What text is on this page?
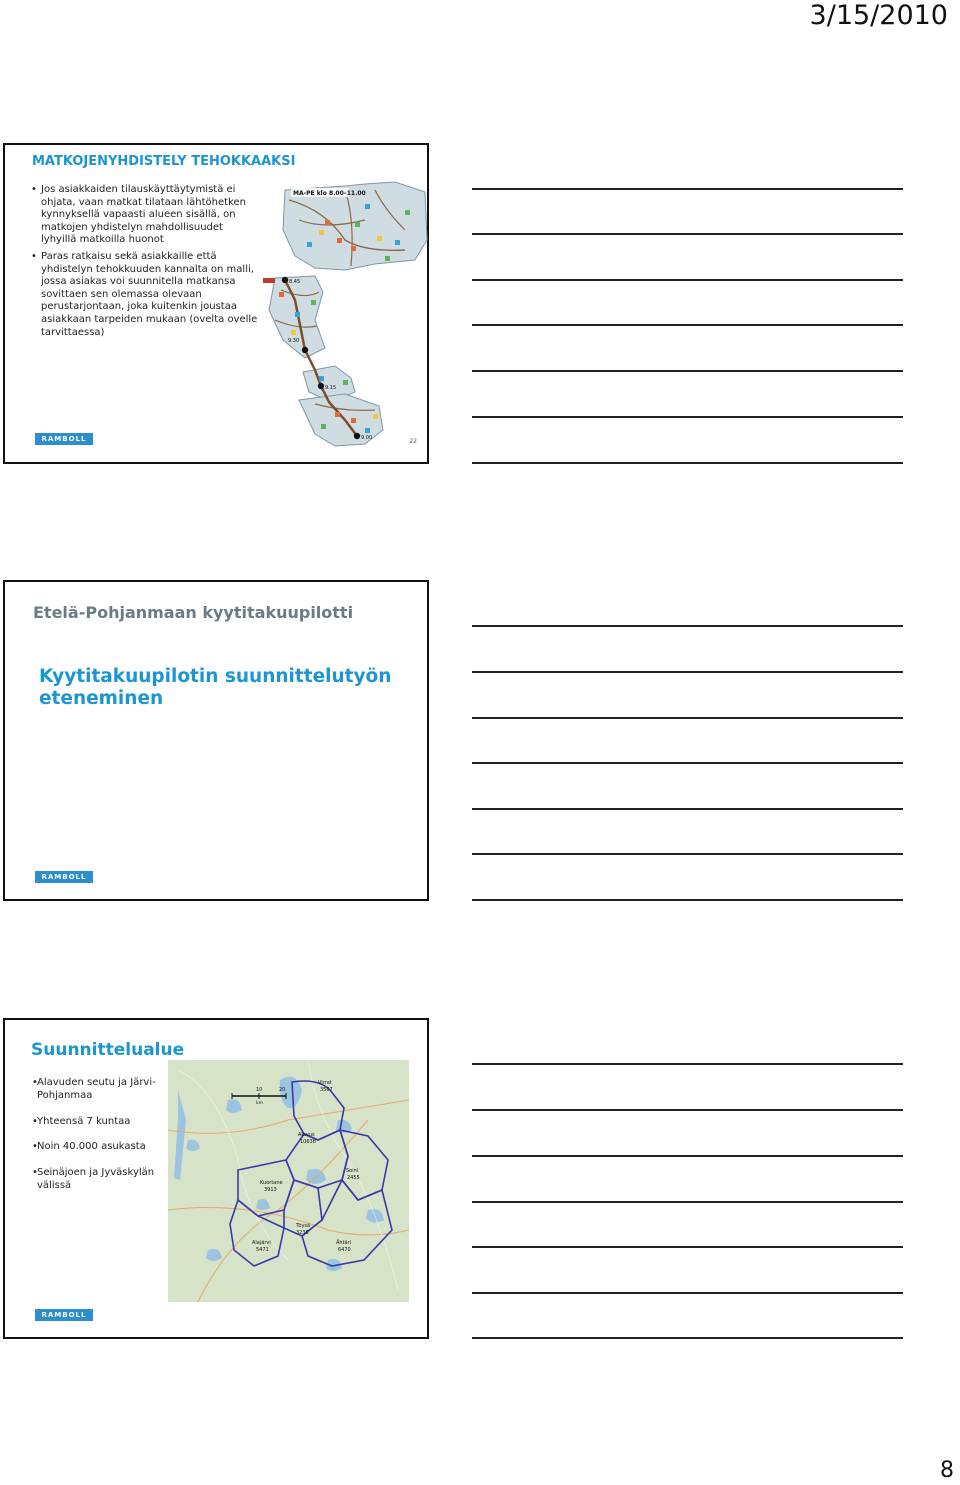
3/15/2010
MATKOJENYHDISTELY TEHOKKAAKSI
• Jos asiakkaiden tilauskäyttäytymistä ei ohjata, vaan matkat tilataan lähtöhetken kynnyksellä vapaasti alueen sisällä, on matkojen yhdistelyn mahdollisuudet lyhyillä matkoilla huonot
• Paras ratkaisu sekä asiakkaille että yhdistelyn tehokkuuden kannalta on malli, jossa asiakas voi suunnitella matkansa sovittaen sen olemassa olevaan perustarjontaan, joka kuitenkin joustaa asiakkaan tarpeiden mukaan (ovelta ovelle tarvittaessa)
MA-PE klo 8.00–11.00
8.45
9.30
9.15
9.00
RAMBOLL	22
Etelä-Pohjanmaan kyytitakuupilotti
Kyytitakuupilotin suunnittelutyön eteneminen
RAMBOLL
Suunnittelualue
• Alavuden seutu ja Järvi-Pohjanmaa
• Yhteensä 7 kuntaa
• Noin 40.000 asukasta
• Seinäjoen ja Jyväskylän välissä
10	20
km
Virrat
3567
Alavus
10638
Soini
2455
Kuortane
3913
Töysä
3235
Alajärvi
5471
Ähtäri
6470
RAMBOLL
8
